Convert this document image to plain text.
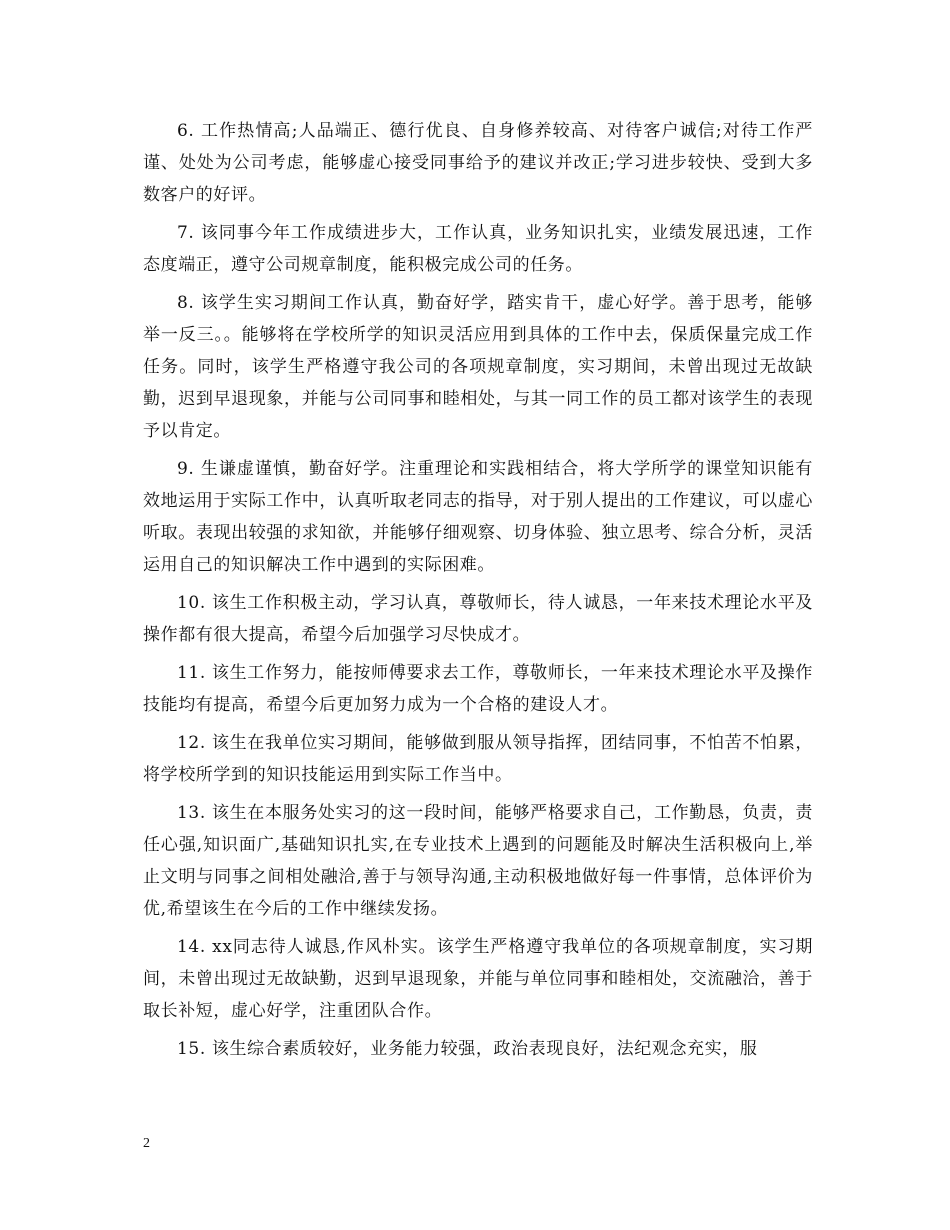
6. 工作热情高;人品端正、德行优良、自身修养较高、对待客户诚信;对待工作严谨、处处为公司考虑，能够虚心接受同事给予的建议并改正;学习进步较快、受到大多数客户的好评。

7. 该同事今年工作成绩进步大，工作认真，业务知识扎实，业绩发展迅速，工作态度端正，遵守公司规章制度，能积极完成公司的任务。

8. 该学生实习期间工作认真，勤奋好学，踏实肯干，虚心好学。善于思考，能够举一反三。。能够将在学校所学的知识灵活应用到具体的工作中去，保质保量完成工作任务。同时，该学生严格遵守我公司的各项规章制度，实习期间，未曾出现过无故缺勤，迟到早退现象，并能与公司同事和睦相处，与其一同工作的员工都对该学生的表现予以肯定。

9. 生谦虚谨慎，勤奋好学。注重理论和实践相结合，将大学所学的课堂知识能有效地运用于实际工作中，认真听取老同志的指导，对于别人提出的工作建议，可以虚心听取。表现出较强的求知欲，并能够仔细观察、切身体验、独立思考、综合分析，灵活运用自己的知识解决工作中遇到的实际困难。

10. 该生工作积极主动，学习认真，尊敬师长，待人诚恳，一年来技术理论水平及操作都有很大提高，希望今后加强学习尽快成才。

11. 该生工作努力，能按师傅要求去工作，尊敬师长，一年来技术理论水平及操作技能均有提高，希望今后更加努力成为一个合格的建设人才。

12. 该生在我单位实习期间，能够做到服从领导指挥，团结同事，不怕苦不怕累，将学校所学到的知识技能运用到实际工作当中。

13. 该生在本服务处实习的这一段时间，能够严格要求自己，工作勤恳，负责，责任心强,知识面广,基础知识扎实,在专业技术上遇到的问题能及时解决生活积极向上,举止文明与同事之间相处融洽,善于与领导沟通,主动积极地做好每一件事情，总体评价为优,希望该生在今后的工作中继续发扬。

14. xx同志待人诚恳,作风朴实。该学生严格遵守我单位的各项规章制度，实习期间，未曾出现过无故缺勤，迟到早退现象，并能与单位同事和睦相处，交流融洽，善于取长补短，虚心好学，注重团队合作。

15. 该生综合素质较好，业务能力较强，政治表现良好，法纪观念充实，服

2
